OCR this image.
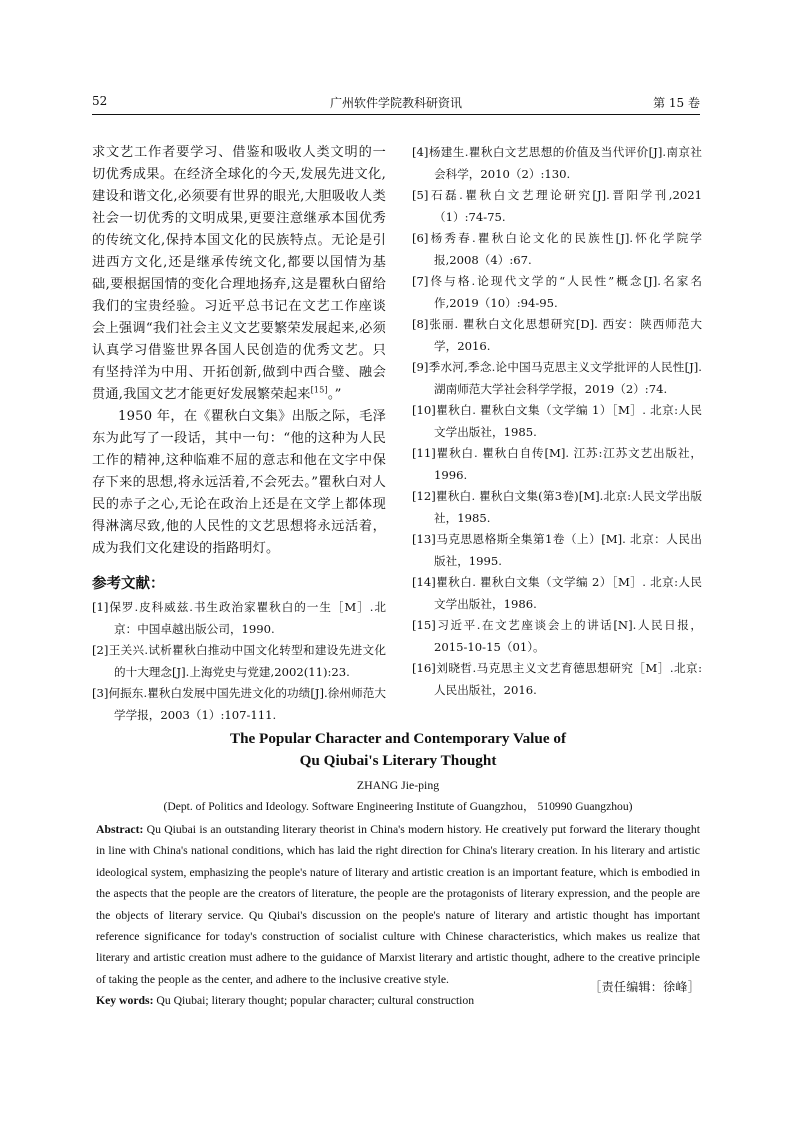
52	广州软件学院教科研资讯	第 15 卷

求文艺工作者要学习、借鉴和吸收人类文明的一切优秀成果。在经济全球化的今天,发展先进文化,建设和谐文化,必须要有世界的眼光,大胆吸收人类社会一切优秀的文明成果,更要注意继承本国优秀的传统文化,保持本国文化的民族特点。无论是引进西方文化,还是继承传统文化,都要以国情为基础,要根据国情的变化合理地扬弃,这是瞿秋白留给我们的宝贵经验。习近平总书记在文艺工作座谈会上强调“我们社会主义文艺要繁荣发展起来,必须认真学习借鉴世界各国人民创造的优秀文艺。只有坚持洋为中用、开拓创新,做到中西合璧、融会贯通,我国文艺才能更好发展繁荣起来[15]。”

1950 年，在《瞿秋白文集》出版之际，毛泽东为此写了一段话，其中一句：“他的这种为人民工作的精神,这种临难不屈的意志和他在文字中保存下来的思想,将永远活着,不会死去。”瞿秋白对人民的赤子之心,无论在政治上还是在文学上都体现得淋漓尽致,他的人民性的文艺思想将永远活着，成为我们文化建设的指路明灯。

参考文献：

[1]保罗.皮科威兹.书生政治家瞿秋白的一生［M］.北京：中国卓越出版公司，1990.

[2]王关兴.试析瞿秋白推动中国文化转型和建设先进文化的十大理念[J].上海党史与党建,2002(11):23.

[3]何振东.瞿秋白发展中国先进文化的功绩[J].徐州师范大学学报，2003（1）:107-111.

[4]杨建生.瞿秋白文艺思想的价值及当代评价[J].南京社会科学，2010（2）:130.

[5]石磊.瞿秋白文艺理论研究[J].晋阳学刊,2021（1）:74-75.

[6]杨秀春.瞿秋白论文化的民族性[J].怀化学院学报,2008（4）:67.

[7]佟与格.论现代文学的“人民性”概念[J].名家名作,2019（10）:94-95.

[8]张丽. 瞿秋白文化思想研究[D]. 西安：陕西师范大学，2016.

[9]季水河,季念.论中国马克思主义文学批评的人民性[J].湖南师范大学社会科学学报，2019（2）:74.

[10]瞿秋白. 瞿秋白文集（文学编 1）［M］. 北京:人民文学出版社，1985.

[11]瞿秋白. 瞿秋白自传[M]. 江苏:江苏文艺出版社，1996.

[12]瞿秋白. 瞿秋白文集(第3卷)[M].北京:人民文学出版社，1985.

[13]马克思恩格斯全集第1卷（上）[M]. 北京：人民出版社，1995.

[14]瞿秋白. 瞿秋白文集（文学编 2）［M］. 北京:人民文学出版社，1986.

[15]习近平.在文艺座谈会上的讲话[N].人民日报，2015-10-15（01）。

[16]刘晓哲.马克思主义文艺育德思想研究［M］.北京:人民出版社，2016.

The Popular Character and Contemporary Value of

Qu Qiubai's Literary Thought

ZHANG Jie-ping

(Dept. of Politics and Ideology. Software Engineering Institute of Guangzhou， 510990 Guangzhou)

Abstract: Qu Qiubai is an outstanding literary theorist in China's modern history. He creatively put forward the literary thought in line with China's national conditions, which has laid the right direction for China's literary creation. In his literary and artistic ideological system, emphasizing the people's nature of literary and artistic creation is an important feature, which is embodied in the aspects that the people are the creators of literature, the people are the protagonists of literary expression, and the people are the objects of literary service. Qu Qiubai's discussion on the people's nature of literary and artistic thought has important reference significance for today's construction of socialist culture with Chinese characteristics, which makes us realize that literary and artistic creation must adhere to the guidance of Marxist literary and artistic thought, adhere to the creative principle of taking the people as the center, and adhere to the inclusive creative style.

Key words: Qu Qiubai; literary thought; popular character; cultural construction

［责任编辑：徐峰］
